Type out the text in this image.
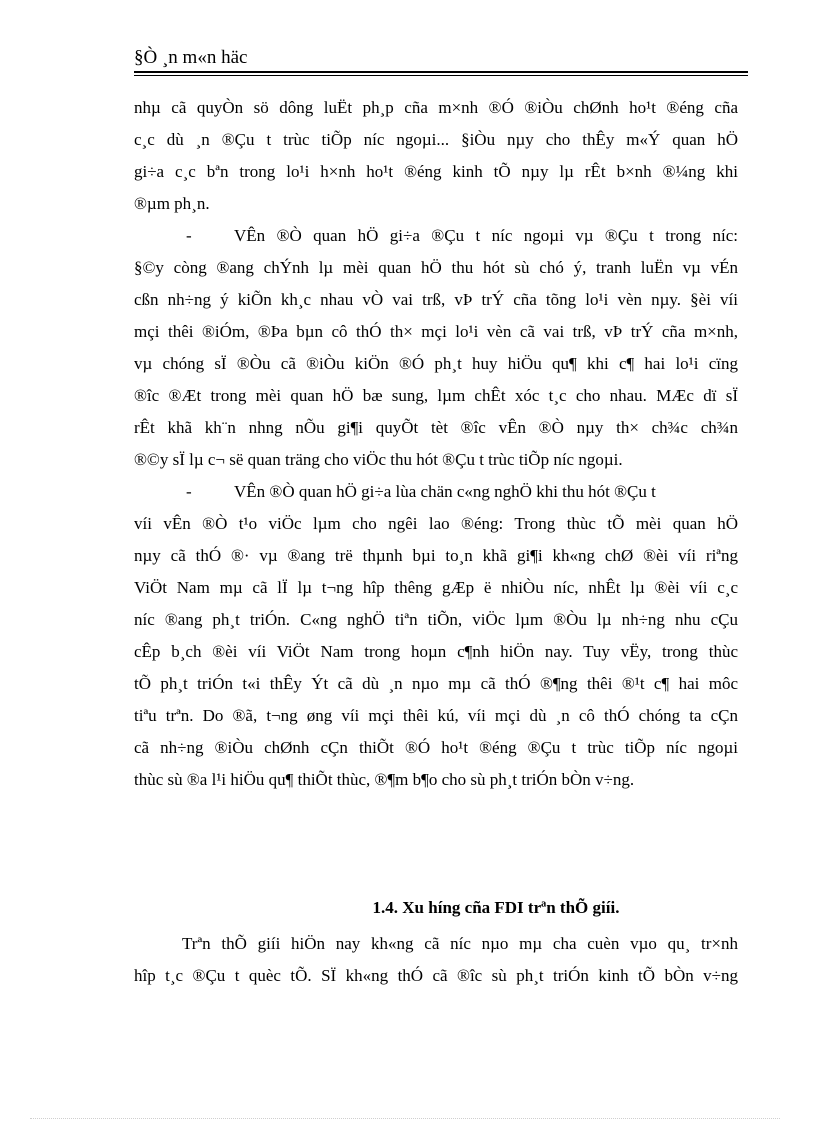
§Ò ¸n m«n häc
nhµ cã quyÒn sö dông luËt ph¸p cña m×nh ®Ó ®iÒu chØnh ho¹t ®éng cña
c¸c dù ¸n ®Çu t trùc tiÕp níc ngoµi... §iÒu nµy cho thÊy m«Ý quan hÖ
gi÷a c¸c bªn trong lo¹i h×nh ho¹t ®éng kinh tÕ nµy lµ rÊt b×nh ®¼ng khi
®µm ph¸n.
- VÊn ®Ò quan hÖ gi÷a ®Çu t níc ngoµi vµ ®Çu t trong níc:
§©y còng ®ang chÝnh lµ mèi quan hÖ thu hót sù chó ý, tranh luËn vµ vÉn
cßn nh÷ng ý kiÕn kh¸c nhau vÒ vai trß, vÞ trÝ cña tõng lo¹i vèn nµy. §èi víi
mçi thêi ®iÓm, ®Þa bµn cô thÓ th× mçi lo¹i vèn cã vai trß, vÞ trÝ cña m×nh,
vµ chóng sÏ ®Òu cã ®iÒu kiÖn ®Ó ph¸t huy hiÖu qu¶ khi c¶ hai lo¹i cïng
®îc ®Æt trong mèi quan hÖ bæ sung, lµm chÊt xóc t¸c cho nhau. MÆc dï sÏ
rÊt khã kh¨n nhng nÕu gi¶i quyÕt tèt ®îc vÊn ®Ò nµy th× ch¾c ch¾n
®©y sÏ lµ c¬ së quan träng cho viÖc thu hót ®Çu t trùc tiÕp níc ngoµi.
- VÊn ®Ò quan hÖ gi÷a lùa chän c«ng nghÖ khi thu hót ®Çu t
víi vÊn ®Ò t¹o viÖc lµm cho ngêi lao ®éng: Trong thùc tÕ mèi quan hÖ
nµy cã thÓ ®· vµ ®ang trë thµnh bµi to¸n khã gi¶i kh«ng chØ ®èi víi riªng
ViÖt Nam mµ cã lÏ lµ t¬ng hîp thêng gÆp ë nhiÒu níc, nhÊt lµ ®èi víi c¸c
níc ®ang ph¸t triÓn. C«ng nghÖ tiªn tiÕn, viÖc lµm ®Òu lµ nh÷ng nhu cÇu
cÊp b¸ch ®èi víi ViÖt Nam trong hoµn c¶nh hiÖn nay. Tuy vËy, trong thùc
tÕ ph¸t triÓn t«i thÊy Ýt cã dù ¸n nµo mµ cã thÓ ®¶ng thêi ®¹t c¶ hai môc
tiªu trªn. Do ®ã, t¬ng øng víi mçi thêi kú, víi mçi dù ¸n cô thÓ chóng ta cÇn
cã nh÷ng ®iÒu chØnh cÇn thiÕt ®Ó ho¹t ®éng ®Çu t trùc tiÕp níc ngoµi
thùc sù ®a l¹i hiÖu qu¶ thiÕt thùc, ®¶m b¶o cho sù ph¸t triÓn bÒn v÷ng.
1.4. Xu híng cña FDI trªn thÕ giíi.
Trªn thÕ giíi hiÖn nay kh«ng cã níc nµo mµ cha cuèn vµo qu¸ tr×nh
hîp t¸c ®Çu t quèc tÕ. SÏ kh«ng thÓ cã ®îc sù ph¸t triÓn kinh tÕ bÒn v÷ng
